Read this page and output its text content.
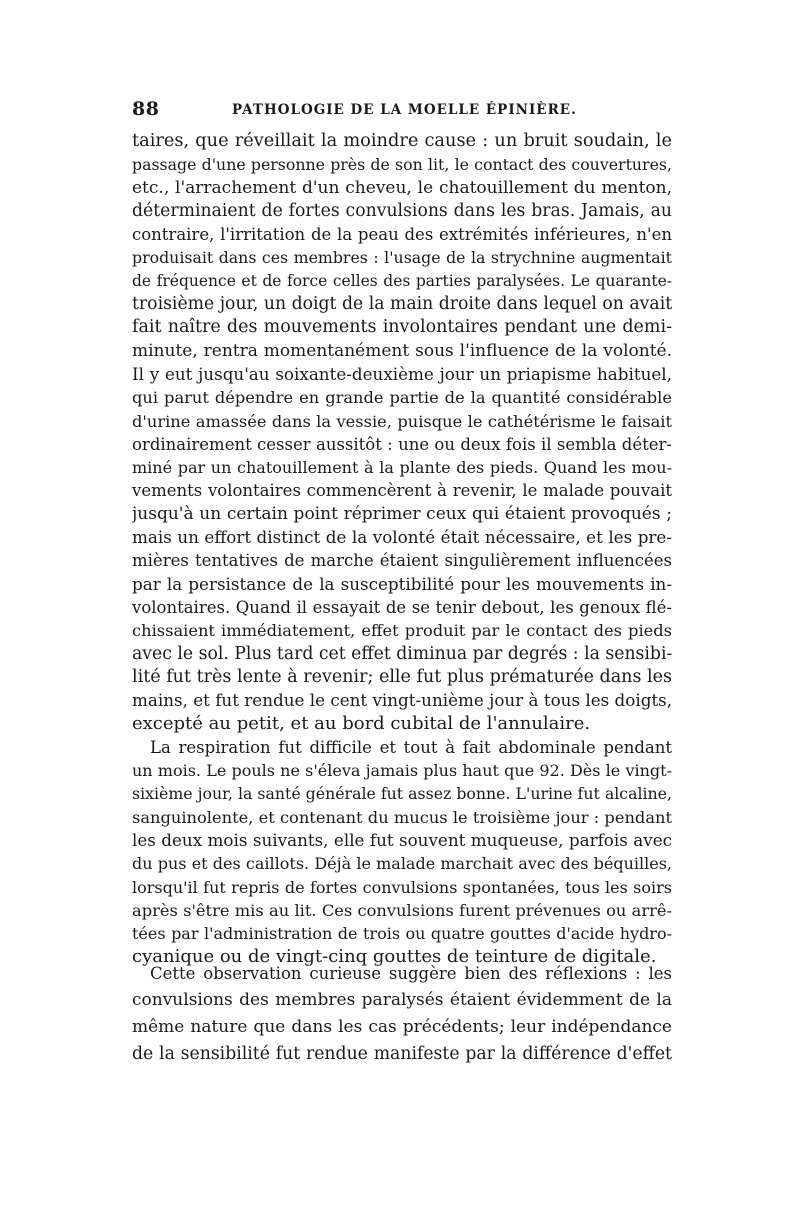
88	PATHOLOGIE DE LA MOELLE ÉPINIÈRE.
taires, que réveillait la moindre cause : un bruit soudain, le
passage d'une personne près de son lit, le contact des couvertures,
etc., l'arrachement d'un cheveu, le chatouillement du menton,
déterminaient de fortes convulsions dans les bras. Jamais, au
contraire, l'irritation de la peau des extrémités inférieures, n'en
produisait dans ces membres : l'usage de la strychnine augmentait
de fréquence et de force celles des parties paralysées. Le quarante-
troisième jour, un doigt de la main droite dans lequel on avait
fait naître des mouvements involontaires pendant une demi-
minute, rentra momentanément sous l'influence de la volonté.
Il y eut jusqu'au soixante-deuxième jour un priapisme habituel,
qui parut dépendre en grande partie de la quantité considérable
d'urine amassée dans la vessie, puisque le cathétérisme le faisait
ordinairement cesser aussitôt : une ou deux fois il sembla déter-
miné par un chatouillement à la plante des pieds. Quand les mou-
vements volontaires commencèrent à revenir, le malade pouvait
jusqu'à un certain point réprimer ceux qui étaient provoqués ;
mais un effort distinct de la volonté était nécessaire, et les pre-
mières tentatives de marche étaient singulièrement influencées
par la persistance de la susceptibilité pour les mouvements in-
volontaires. Quand il essayait de se tenir debout, les genoux flé-
chissaient immédiatement, effet produit par le contact des pieds
avec le sol. Plus tard cet effet diminua par degrés : la sensibi-
lité fut très lente à revenir; elle fut plus prématurée dans les
mains, et fut rendue le cent vingt-unième jour à tous les doigts,
excepté au petit, et au bord cubital de l'annulaire.
La respiration fut difficile et tout à fait abdominale pendant
un mois. Le pouls ne s'éleva jamais plus haut que 92. Dès le vingt-
sixième jour, la santé générale fut assez bonne. L'urine fut alcaline,
sanguinolente, et contenant du mucus le troisième jour : pendant
les deux mois suivants, elle fut souvent muqueuse, parfois avec
du pus et des caillots. Déjà le malade marchait avec des béquilles,
lorsqu'il fut repris de fortes convulsions spontanées, tous les soirs
après s'être mis au lit. Ces convulsions furent prévenues ou arrê-
tées par l'administration de trois ou quatre gouttes d'acide hydro-
cyanique ou de vingt-cinq gouttes de teinture de digitale.
Cette observation curieuse suggère bien des réflexions : les
convulsions des membres paralysés étaient évidemment de la
même nature que dans les cas précédents; leur indépendance
de la sensibilité fut rendue manifeste par la différence d'effet
